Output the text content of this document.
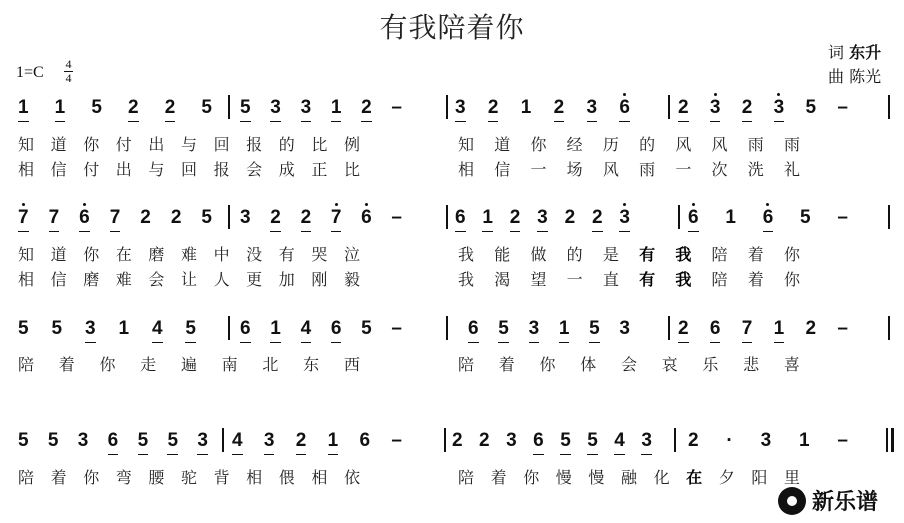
有我陪着你
词 东升
曲 陈光
1=C 4
4
1 1 5 2 2 5 5 3 3 1 2 –	3 2 1 2 3 6	2 3 2 3 5 –
知 道 你 付 出 与 回 报 的 比 例	知 道 你 经 历 的 风 风 雨 雨
相 信 付 出 与 回 报 会 成 正 比	相 信 一 场 风 雨 一 次 洗 礼
7 7 6 7 2 2 5 3 2 2 7 6 –	6 1 2 3 2 2 3	6 1 6 5 –
知 道 你 在 磨 难 中 没 有 哭 泣	我 能 做 的 是 有 我 陪 着 你
相 信 磨 难 会 让 人 更 加 刚 毅	我 渴 望 一 直 有 我 陪 着 你
5 5 3 1 4 5 6 1 4 6 5 –	6 5 3 1 5 3	2 6 7 1 2 –
陪 着 你 走 遍 南 北 东 西	陪 着 你 体 会 哀 乐 悲 喜
5 5 3 6 5 5 3 4 3 2 1 6 –	2 2 3 6 5 5 4 3 2 · 3 1 –
陪 着 你 弯 腰 驼 背 相 偎 相 依	陪 着 你 慢 慢 融 化 在 夕 阳 里
新乐谱
